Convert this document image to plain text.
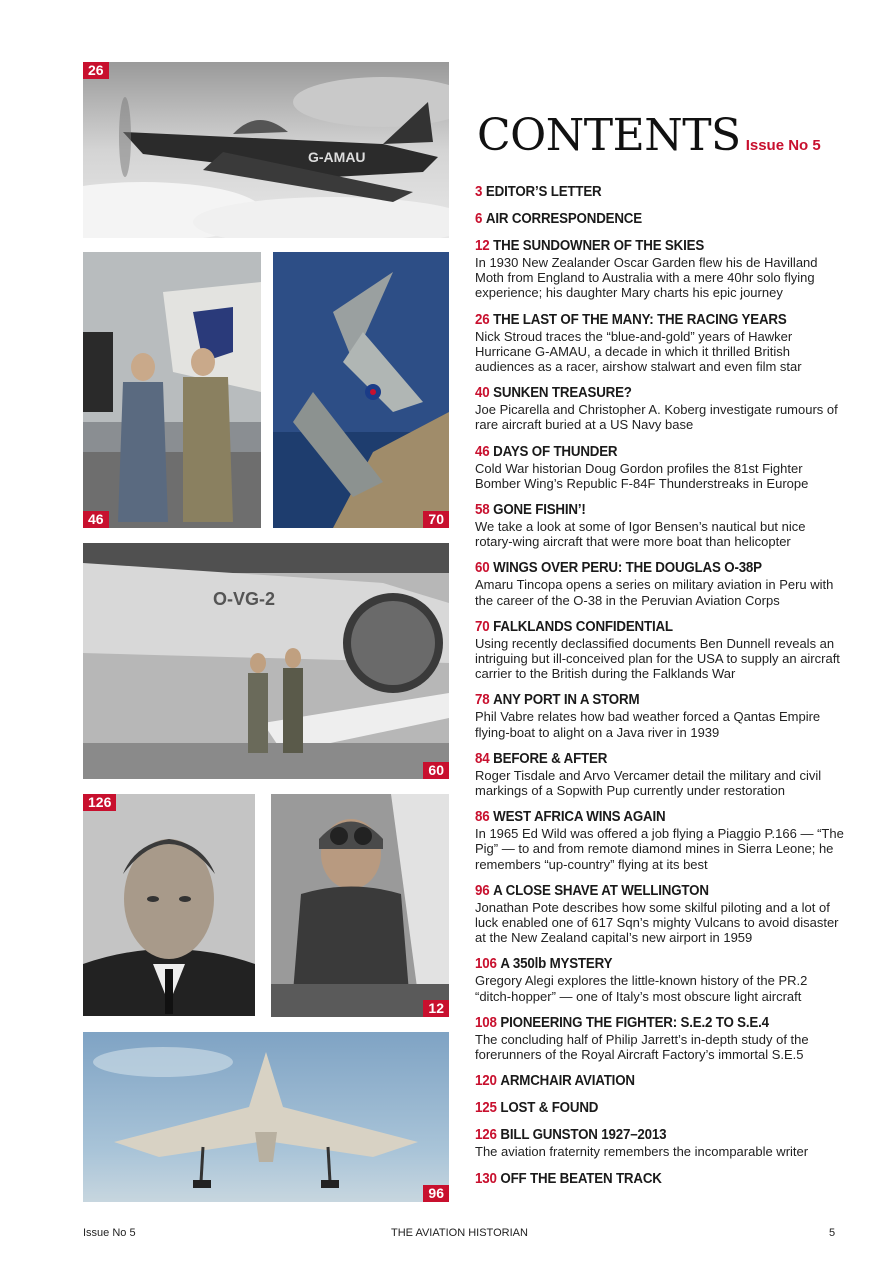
G-AMAU
26
46	70
O-VG-2
60
126
12
96
CONTENTS Issue No 5
3 EDITOR’S LETTER
6 AIR CORRESPONDENCE
12 THE SUNDOWNER OF THE SKIES
In 1930 New Zealander Oscar Garden flew his de Havilland Moth from England to Australia with a mere 40hr solo flying experience; his daughter Mary charts his epic journey
26 THE LAST OF THE MANY: THE RACING YEARS
Nick Stroud traces the “blue-and-gold” years of Hawker Hurricane G-AMAU, a decade in which it thrilled British audiences as a racer, airshow stalwart and even film star
40 SUNKEN TREASURE?
Joe Picarella and Christopher A. Koberg investigate rumours of rare aircraft buried at a US Navy base
46 DAYS OF THUNDER
Cold War historian Doug Gordon profiles the 81st Fighter Bomber Wing’s Republic F-84F Thunderstreaks in Europe
58 GONE FISHIN’!
We take a look at some of Igor Bensen’s nautical but nice rotary-wing aircraft that were more boat than helicopter
60 WINGS OVER PERU: THE DOUGLAS O-38P
Amaru Tincopa opens a series on military aviation in Peru with the career of the O-38 in the Peruvian Aviation Corps
70 FALKLANDS CONFIDENTIAL
Using recently declassified documents Ben Dunnell reveals an intriguing but ill-conceived plan for the USA to supply an aircraft carrier to the British during the Falklands War
78 ANY PORT IN A STORM
Phil Vabre relates how bad weather forced a Qantas Empire flying-boat to alight on a Java river in 1939
84 BEFORE & AFTER
Roger Tisdale and Arvo Vercamer detail the military and civil markings of a Sopwith Pup currently under restoration
86 WEST AFRICA WINS AGAIN
In 1965 Ed Wild was offered a job flying a Piaggio P.166 — “The Pig” — to and from remote diamond mines in Sierra Leone; he remembers “up-country” flying at its best
96 A CLOSE SHAVE AT WELLINGTON
Jonathan Pote describes how some skilful piloting and a lot of luck enabled one of 617 Sqn’s mighty Vulcans to avoid disaster at the New Zealand capital’s new airport in 1959
106 A 350lb MYSTERY
Gregory Alegi explores the little-known history of the PR.2 “ditch-hopper” — one of Italy’s most obscure light aircraft
108 PIONEERING THE FIGHTER: S.E.2 TO S.E.4
The concluding half of Philip Jarrett’s in-depth study of the forerunners of the Royal Aircraft Factory’s immortal S.E.5
120 ARMCHAIR AVIATION
125 LOST & FOUND
126 BILL GUNSTON 1927–2013
The aviation fraternity remembers the incomparable writer
130 OFF THE BEATEN TRACK
Issue No 5	THE AVIATION HISTORIAN	5
